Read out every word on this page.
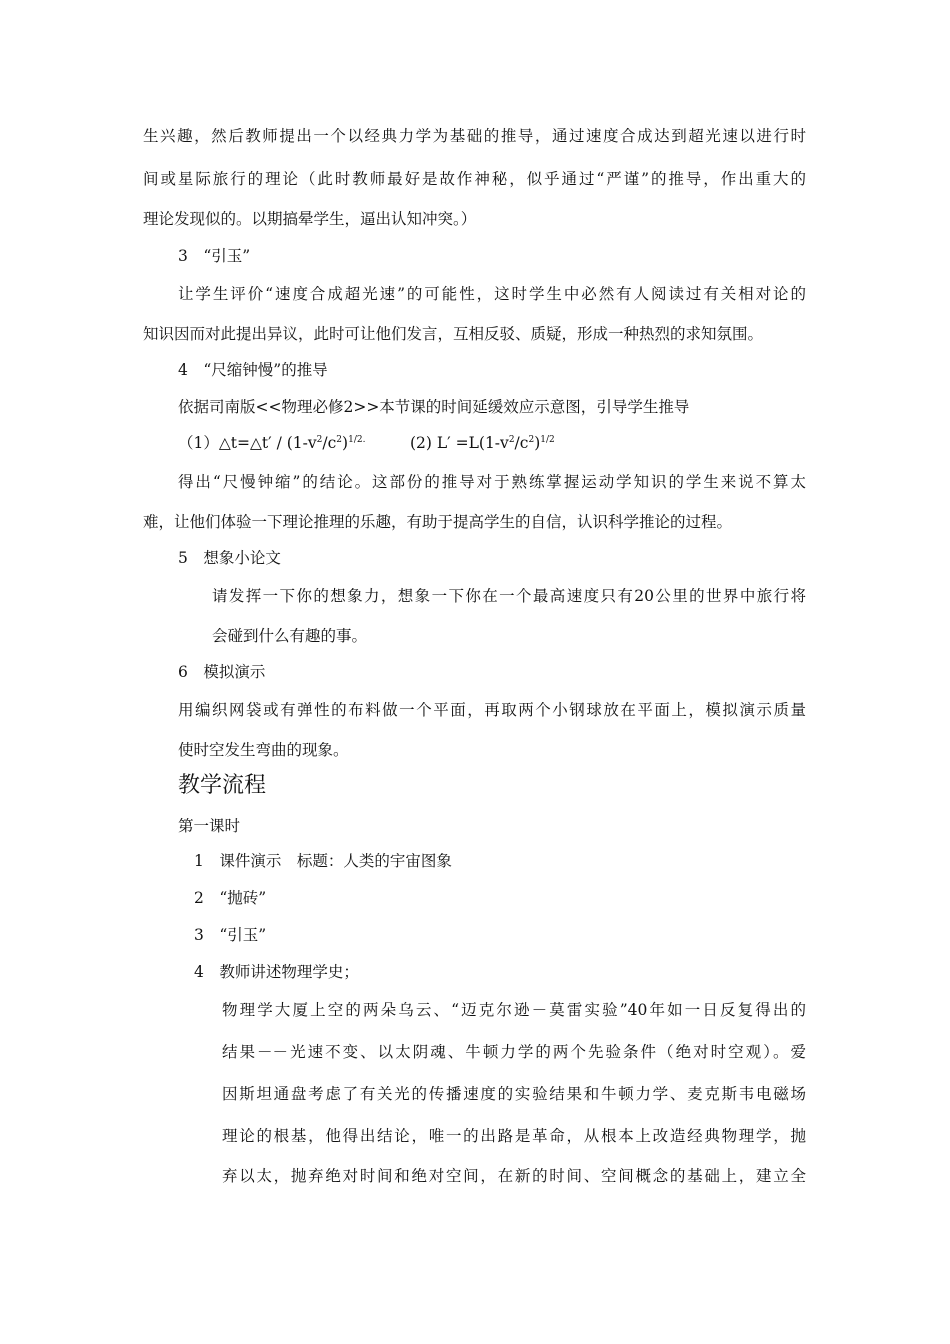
生兴趣，然后教师提出一个以经典力学为基础的推导，通过速度合成达到超光速以进行时
间或星际旅行的理论（此时教师最好是故作神秘，似乎通过“严谨”的推导，作出重大的
理论发现似的。以期搞晕学生，逼出认知冲突。）
3　“引玉”
让学生评价“速度合成超光速”的可能性，这时学生中必然有人阅读过有关相对论的
知识因而对此提出异议，此时可让他们发言，互相反驳、质疑，形成一种热烈的求知氛围。
4　“尺缩钟慢”的推导
依据司南版<<物理必修2>>本节课的时间延缓效应示意图，引导学生推导
（1）△t=△t′ / $(1-v^2/c^2)^{1/2.}$	(2) $L' =L(1-v^2/c^2)^{1/2}$
得出“尺慢钟缩”的结论。这部份的推导对于熟练掌握运动学知识的学生来说不算太
难，让他们体验一下理论推理的乐趣，有助于提高学生的自信，认识科学推论的过程。
5　想象小论文
请发挥一下你的想象力，想象一下你在一个最高速度只有20公里的世界中旅行将
会碰到什么有趣的事。
6　模拟演示
用编织网袋或有弹性的布料做一个平面，再取两个小钢球放在平面上，模拟演示质量
使时空发生弯曲的现象。
教学流程
第一课时
1　课件演示　标题：人类的宇宙图象
2　“抛砖”
3　“引玉”
4　教师讲述物理学史；
物理学大厦上空的两朵乌云、“迈克尔逊－莫雷实验”40年如一日反复得出的
结果－－光速不变、以太阴魂、牛顿力学的两个先验条件（绝对时空观）。爱
因斯坦通盘考虑了有关光的传播速度的实验结果和牛顿力学、麦克斯韦电磁场
理论的根基，他得出结论，唯一的出路是革命，从根本上改造经典物理学，抛
弃以太，抛弃绝对时间和绝对空间，在新的时间、空间概念的基础上，建立全
